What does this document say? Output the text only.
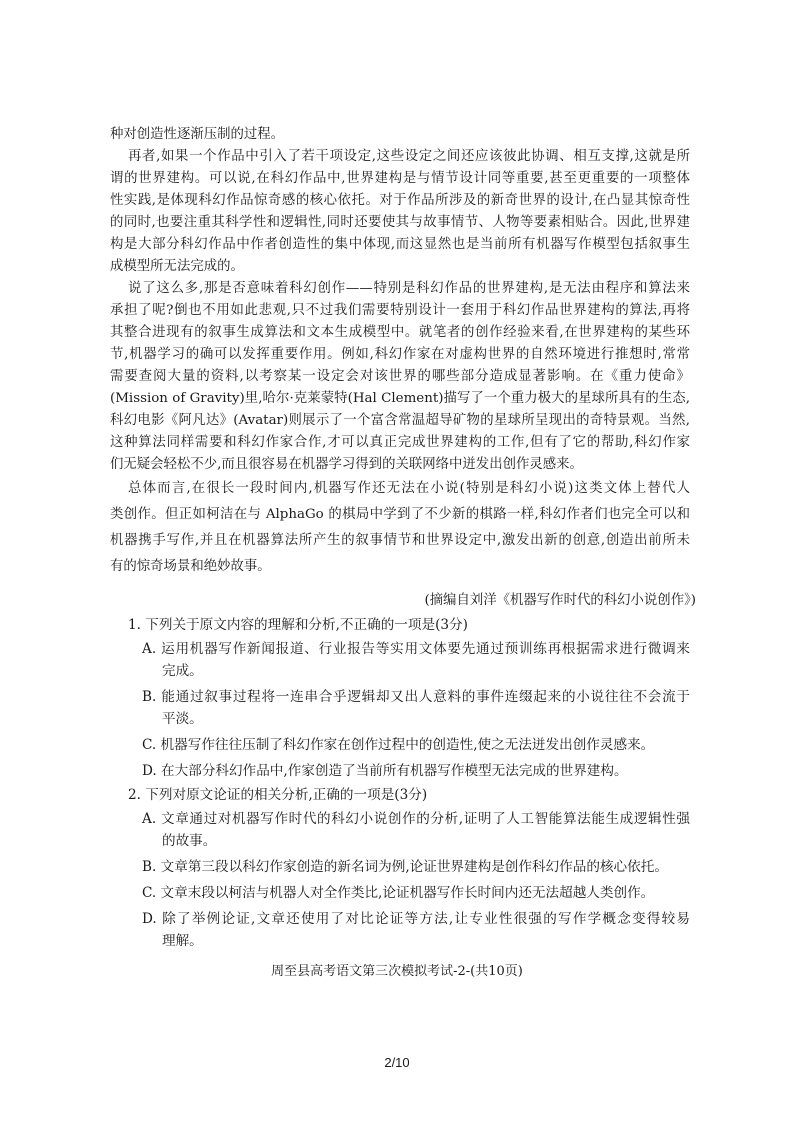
种对创造性逐渐压制的过程。
再者,如果一个作品中引入了若干项设定,这些设定之间还应该彼此协调、相互支撑,这就是所
谓的世界建构。可以说,在科幻作品中,世界建构是与情节设计同等重要,甚至更重要的一项整体
性实践,是体现科幻作品惊奇感的核心依托。对于作品所涉及的新奇世界的设计,在凸显其惊奇性
的同时,也要注重其科学性和逻辑性,同时还要使其与故事情节、人物等要素相贴合。因此,世界建
构是大部分科幻作品中作者创造性的集中体现,而这显然也是当前所有机器写作模型包括叙事生
成模型所无法完成的。
说了这么多,那是否意味着科幻创作——特别是科幻作品的世界建构,是无法由程序和算法来
承担了呢?倒也不用如此悲观,只不过我们需要特别设计一套用于科幻作品世界建构的算法,再将
其整合进现有的叙事生成算法和文本生成模型中。就笔者的创作经验来看,在世界建构的某些环
节,机器学习的确可以发挥重要作用。例如,科幻作家在对虚构世界的自然环境进行推想时,常常
需要查阅大量的资料,以考察某一设定会对该世界的哪些部分造成显著影响。在《重力使命》
(Mission of Gravity)里,哈尔·克莱蒙特(Hal Clement)描写了一个重力极大的星球所具有的生态,
科幻电影《阿凡达》(Avatar)则展示了一个富含常温超导矿物的星球所呈现出的奇特景观。当然,
这种算法同样需要和科幻作家合作,才可以真正完成世界建构的工作,但有了它的帮助,科幻作家
们无疑会轻松不少,而且很容易在机器学习得到的关联网络中迸发出创作灵感来。
总体而言,在很长一段时间内,机器写作还无法在小说(特别是科幻小说)这类文体上替代人
类创作。但正如柯洁在与 AlphaGo 的棋局中学到了不少新的棋路一样,科幻作者们也完全可以和
机器携手写作,并且在机器算法所产生的叙事情节和世界设定中,激发出新的创意,创造出前所未
有的惊奇场景和绝妙故事。
(摘编自刘洋《机器写作时代的科幻小说创作》)
1. 下列关于原文内容的理解和分析,不正确的一项是(3分)
A. 运用机器写作新闻报道、行业报告等实用文体要先通过预训练再根据需求进行微调来
完成。
B. 能通过叙事过程将一连串合乎逻辑却又出人意料的事件连缀起来的小说往往不会流于
平淡。
C. 机器写作往往压制了科幻作家在创作过程中的创造性,使之无法迸发出创作灵感来。
D. 在大部分科幻作品中,作家创造了当前所有机器写作模型无法完成的世界建构。
2. 下列对原文论证的相关分析,正确的一项是(3分)
A. 文章通过对机器写作时代的科幻小说创作的分析,证明了人工智能算法能生成逻辑性强
的故事。
B. 文章第三段以科幻作家创造的新名词为例,论证世界建构是创作科幻作品的核心依托。
C. 文章末段以柯洁与机器人对全作类比,论证机器写作长时间内还无法超越人类创作。
D. 除了举例论证,文章还使用了对比论证等方法,让专业性很强的写作学概念变得较易
理解。
周至县高考语文第三次模拟考试-2-(共10页)
2/10
